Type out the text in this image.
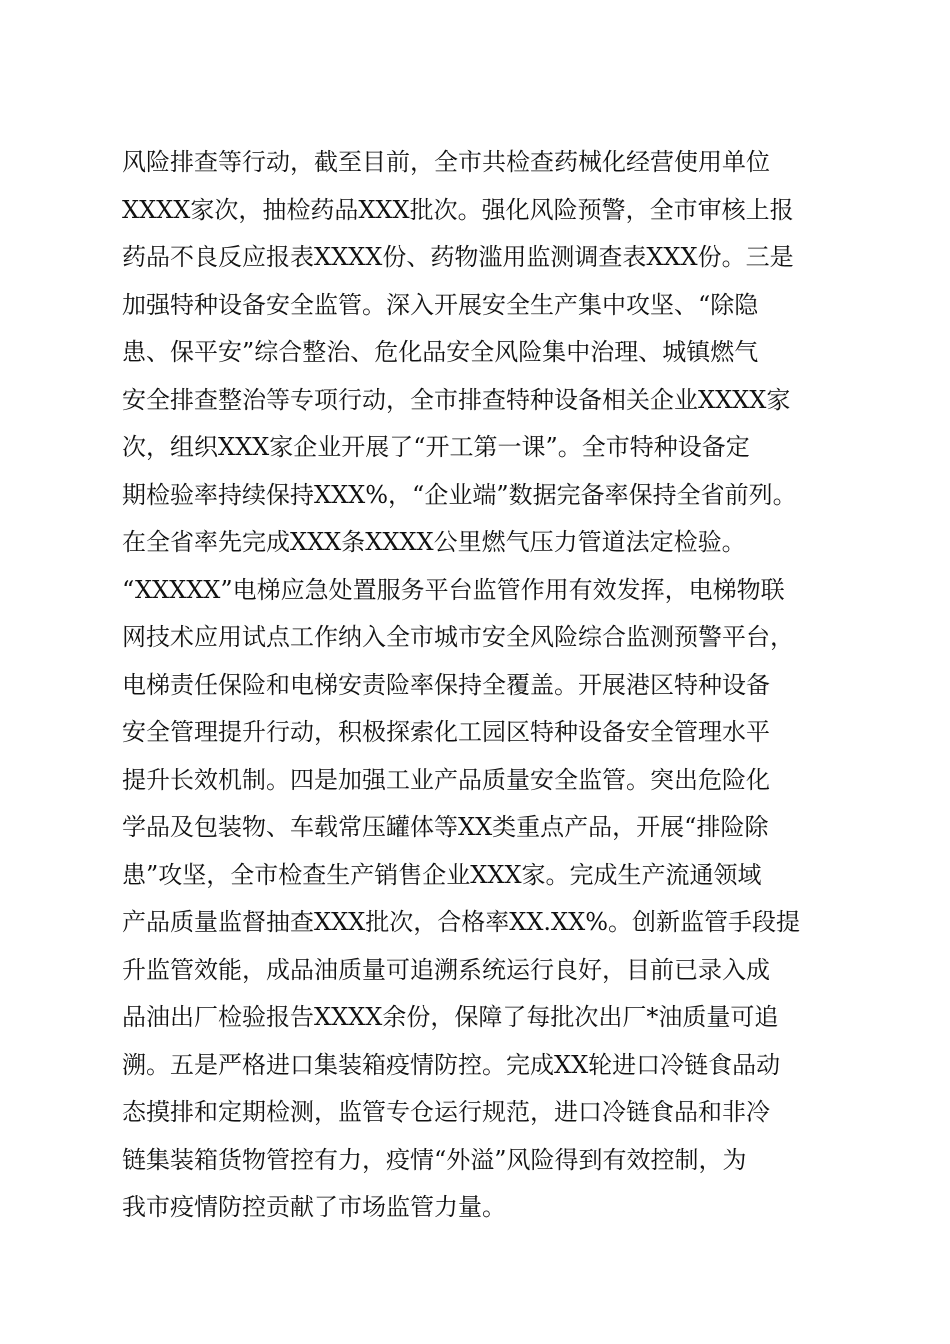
风险排查等行动，截至目前，全市共检查药械化经营使用单位
XXXX家次，抽检药品XXX批次。强化风险预警，全市审核上报
药品不良反应报表XXXX份、药物滥用监测调查表XXX份。三是
加强特种设备安全监管。深入开展安全生产集中攻坚、“除隐
患、保平安”综合整治、危化品安全风险集中治理、城镇燃气
安全排查整治等专项行动，全市排查特种设备相关企业XXXX家
次，组织XXX家企业开展了“开工第一课”。全市特种设备定
期检验率持续保持XXX%，“企业端”数据完备率保持全省前列。
在全省率先完成XXX条XXXX公里燃气压力管道法定检验。
“XXXXX”电梯应急处置服务平台监管作用有效发挥，电梯物联
网技术应用试点工作纳入全市城市安全风险综合监测预警平台，
电梯责任保险和电梯安责险率保持全覆盖。开展港区特种设备
安全管理提升行动，积极探索化工园区特种设备安全管理水平
提升长效机制。四是加强工业产品质量安全监管。突出危险化
学品及包装物、车载常压罐体等XX类重点产品，开展“排险除
患”攻坚，全市检查生产销售企业XXX家。完成生产流通领域
产品质量监督抽查XXX批次，合格率XX.XX%。创新监管手段提
升监管效能，成品油质量可追溯系统运行良好，目前已录入成
品油出厂检验报告XXXX余份，保障了每批次出厂*油质量可追
溯。五是严格进口集装箱疫情防控。完成XX轮进口冷链食品动
态摸排和定期检测，监管专仓运行规范，进口冷链食品和非冷
链集装箱货物管控有力，疫情“外溢”风险得到有效控制，为
我市疫情防控贡献了市场监管力量。
